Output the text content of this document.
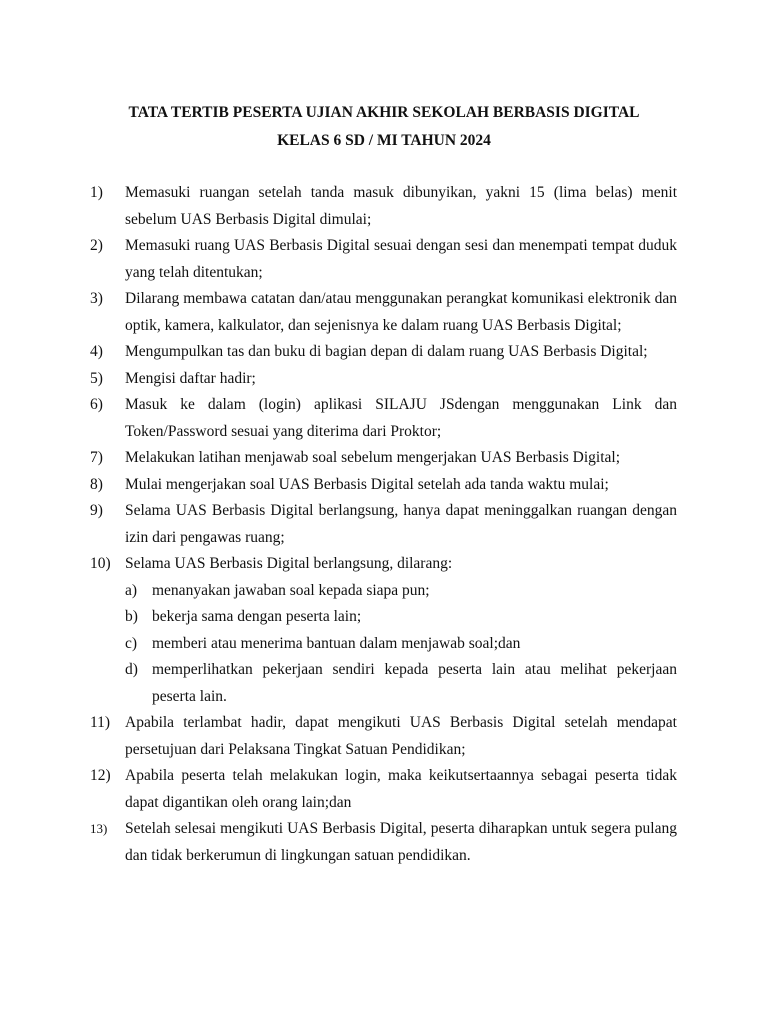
TATA TERTIB PESERTA UJIAN AKHIR SEKOLAH BERBASIS DIGITAL
KELAS 6 SD / MI TAHUN 2024
1) Memasuki ruangan setelah tanda masuk dibunyikan, yakni 15 (lima belas) menit sebelum UAS Berbasis Digital dimulai;
2) Memasuki ruang UAS Berbasis Digital sesuai dengan sesi dan menempati tempat duduk yang telah ditentukan;
3) Dilarang membawa catatan dan/atau menggunakan perangkat komunikasi elektronik dan optik, kamera, kalkulator, dan sejenisnya ke dalam ruang UAS Berbasis Digital;
4) Mengumpulkan tas dan buku di bagian depan di dalam ruang UAS Berbasis Digital;
5) Mengisi daftar hadir;
6) Masuk ke dalam (login) aplikasi SILAJU JSdengan menggunakan Link dan Token/Password sesuai yang diterima dari Proktor;
7) Melakukan latihan menjawab soal sebelum mengerjakan UAS Berbasis Digital;
8) Mulai mengerjakan soal UAS Berbasis Digital setelah ada tanda waktu mulai;
9) Selama UAS Berbasis Digital berlangsung, hanya dapat meninggalkan ruangan dengan izin dari pengawas ruang;
10) Selama UAS Berbasis Digital berlangsung, dilarang:
a) menanyakan jawaban soal kepada siapa pun;
b) bekerja sama dengan peserta lain;
c) memberi atau menerima bantuan dalam menjawab soal;dan
d) memperlihatkan pekerjaan sendiri kepada peserta lain atau melihat pekerjaan peserta lain.
11) Apabila terlambat hadir, dapat mengikuti UAS Berbasis Digital setelah mendapat persetujuan dari Pelaksana Tingkat Satuan Pendidikan;
12) Apabila peserta telah melakukan login, maka keikutsertaannya sebagai peserta tidak dapat digantikan oleh orang lain;dan
13) Setelah selesai mengikuti UAS Berbasis Digital, peserta diharapkan untuk segera pulang dan tidak berkerumun di lingkungan satuan pendidikan.
